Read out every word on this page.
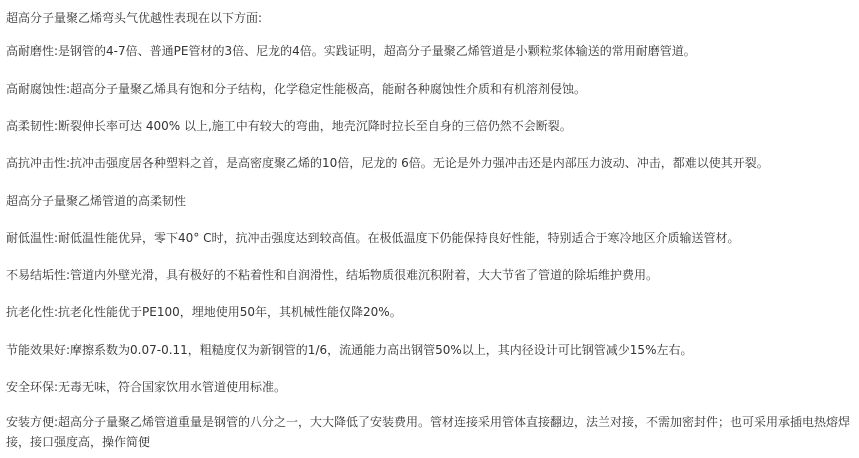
超高分子量聚乙烯弯头气优越性表现在以下方面:
高耐磨性:是钢管的4-7倍、普通PE管材的3倍、尼龙的4倍。实践证明，超高分子量聚乙烯管道是小颗粒浆体输送的常用耐磨管道。
高耐腐蚀性:超高分子量聚乙烯具有饱和分子结构，化学稳定性能极高，能耐各种腐蚀性介质和有机溶剂侵蚀。
高柔韧性:断裂伸长率可达 400% 以上,施工中有较大的弯曲，地壳沉降时拉长至自身的三倍仍然不会断裂。
高抗冲击性:抗冲击强度居各种塑料之首，是高密度聚乙烯的10倍，尼龙的 6倍。无论是外力强冲击还是内部压力波动、冲击，都难以使其开裂。
超高分子量聚乙烯管道的高柔韧性
耐低温性:耐低温性能优异，零下40° C时，抗冲击强度达到较高值。在极低温度下仍能保持良好性能，特别适合于寒冷地区介质输送管材。
不易结垢性:管道内外壁光滑，具有极好的不粘着性和自润滑性，结垢物质很难沉积附着，大大节省了管道的除垢维护费用。
抗老化性:抗老化性能优于PE100，埋地使用50年，其机械性能仅降20%。
节能效果好:摩擦系数为0.07-0.11，粗糙度仅为新钢管的1/6，流通能力高出钢管50%以上，其内径设计可比钢管减少15%左右。
安全环保:无毒无味，符合国家饮用水管道使用标准。
安装方便:超高分子量聚乙烯管道重量是钢管的八分之一，大大降低了安装费用。管材连接采用管体直接翻边，法兰对接，不需加密封件；也可采用承插电热熔焊接，接口强度高，操作简便
